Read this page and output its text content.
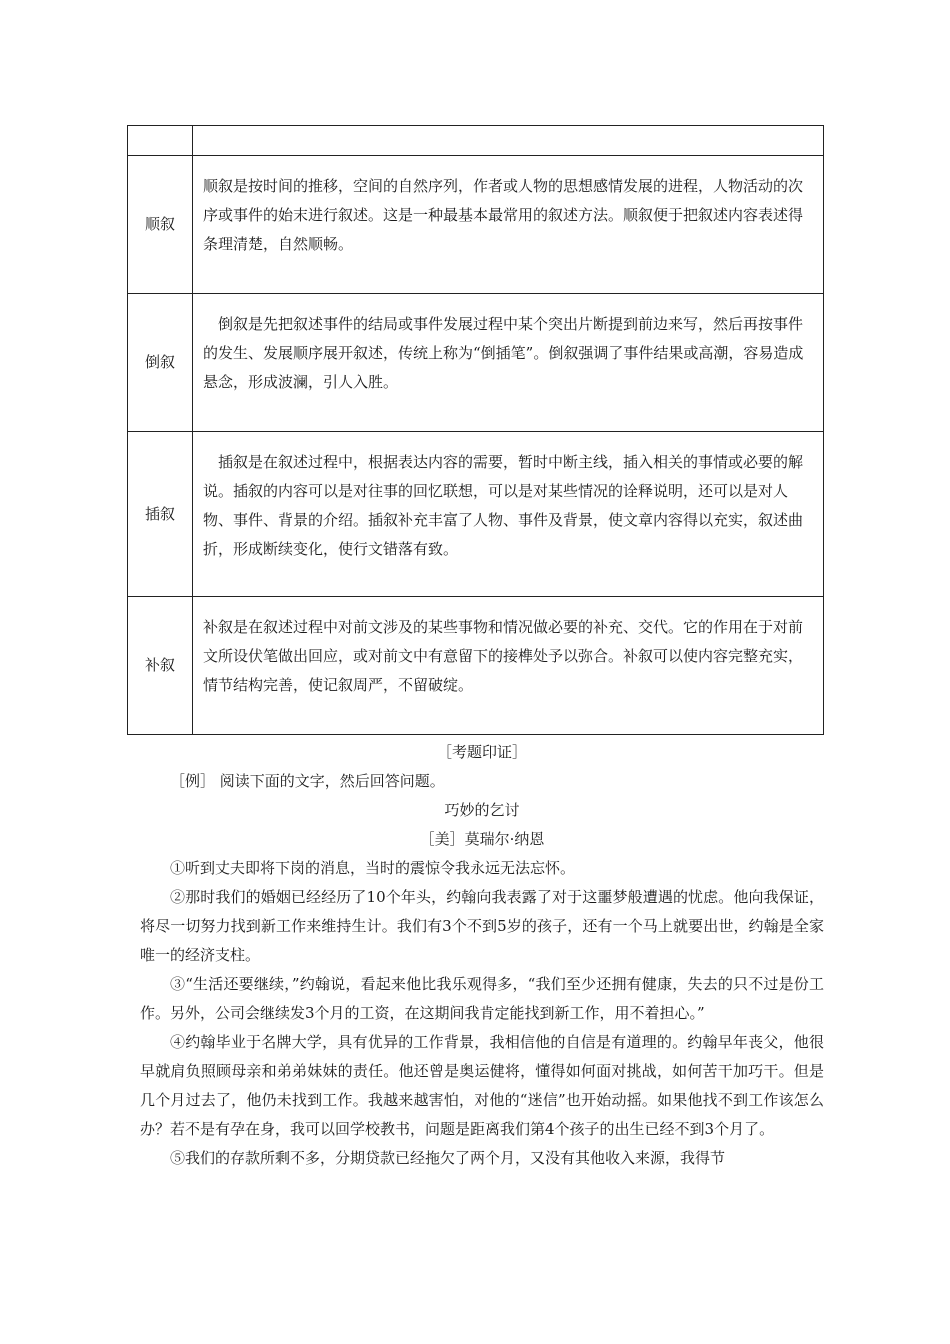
顺叙	顺叙是按时间的推移，空间的自然序列，作者或人物的思想感情发展的进程，人物活动的次序或事件的始末进行叙述。这是一种最基本最常用的叙述方法。顺叙便于把叙述内容表述得条理清楚，自然顺畅。

倒叙	　倒叙是先把叙述事件的结局或事件发展过程中某个突出片断提到前边来写，然后再按事件的发生、发展顺序展开叙述，传统上称为“倒插笔”。倒叙强调了事件结果或高潮，容易造成悬念，形成波澜，引人入胜。

插叙	　插叙是在叙述过程中，根据表达内容的需要，暂时中断主线，插入相关的事情或必要的解说。插叙的内容可以是对往事的回忆联想，可以是对某些情况的诠释说明，还可以是对人物、事件、背景的介绍。插叙补充丰富了人物、事件及背景，使文章内容得以充实，叙述曲折，形成断续变化，使行文错落有致。

补叙	补叙是在叙述过程中对前文涉及的某些事物和情况做必要的补充、交代。它的作用在于对前文所设伏笔做出回应，或对前文中有意留下的接榫处予以弥合。补叙可以使内容完整充实，情节结构完善，使记叙周严，不留破绽。

［考题印证］

［例］ 阅读下面的文字，然后回答问题。

巧妙的乞讨

［美］莫瑞尔·纳恩

①听到丈夫即将下岗的消息，当时的震惊令我永远无法忘怀。

②那时我们的婚姻已经经历了10个年头，约翰向我表露了对于这噩梦般遭遇的忧虑。他向我保证，将尽一切努力找到新工作来维持生计。我们有3个不到5岁的孩子，还有一个马上就要出世，约翰是全家唯一的经济支柱。

③“生活还要继续，”约翰说，看起来他比我乐观得多，“我们至少还拥有健康，失去的只不过是份工作。另外，公司会继续发3个月的工资，在这期间我肯定能找到新工作，用不着担心。”

④约翰毕业于名牌大学，具有优异的工作背景，我相信他的自信是有道理的。约翰早年丧父，他很早就肩负照顾母亲和弟弟妹妹的责任。他还曾是奥运健将，懂得如何面对挑战，如何苦干加巧干。但是几个月过去了，他仍未找到工作。我越来越害怕，对他的“迷信”也开始动摇。如果他找不到工作该怎么办？若不是有孕在身，我可以回学校教书，问题是距离我们第4个孩子的出生已经不到3个月了。

⑤我们的存款所剩不多，分期贷款已经拖欠了两个月，又没有其他收入来源，我得节
